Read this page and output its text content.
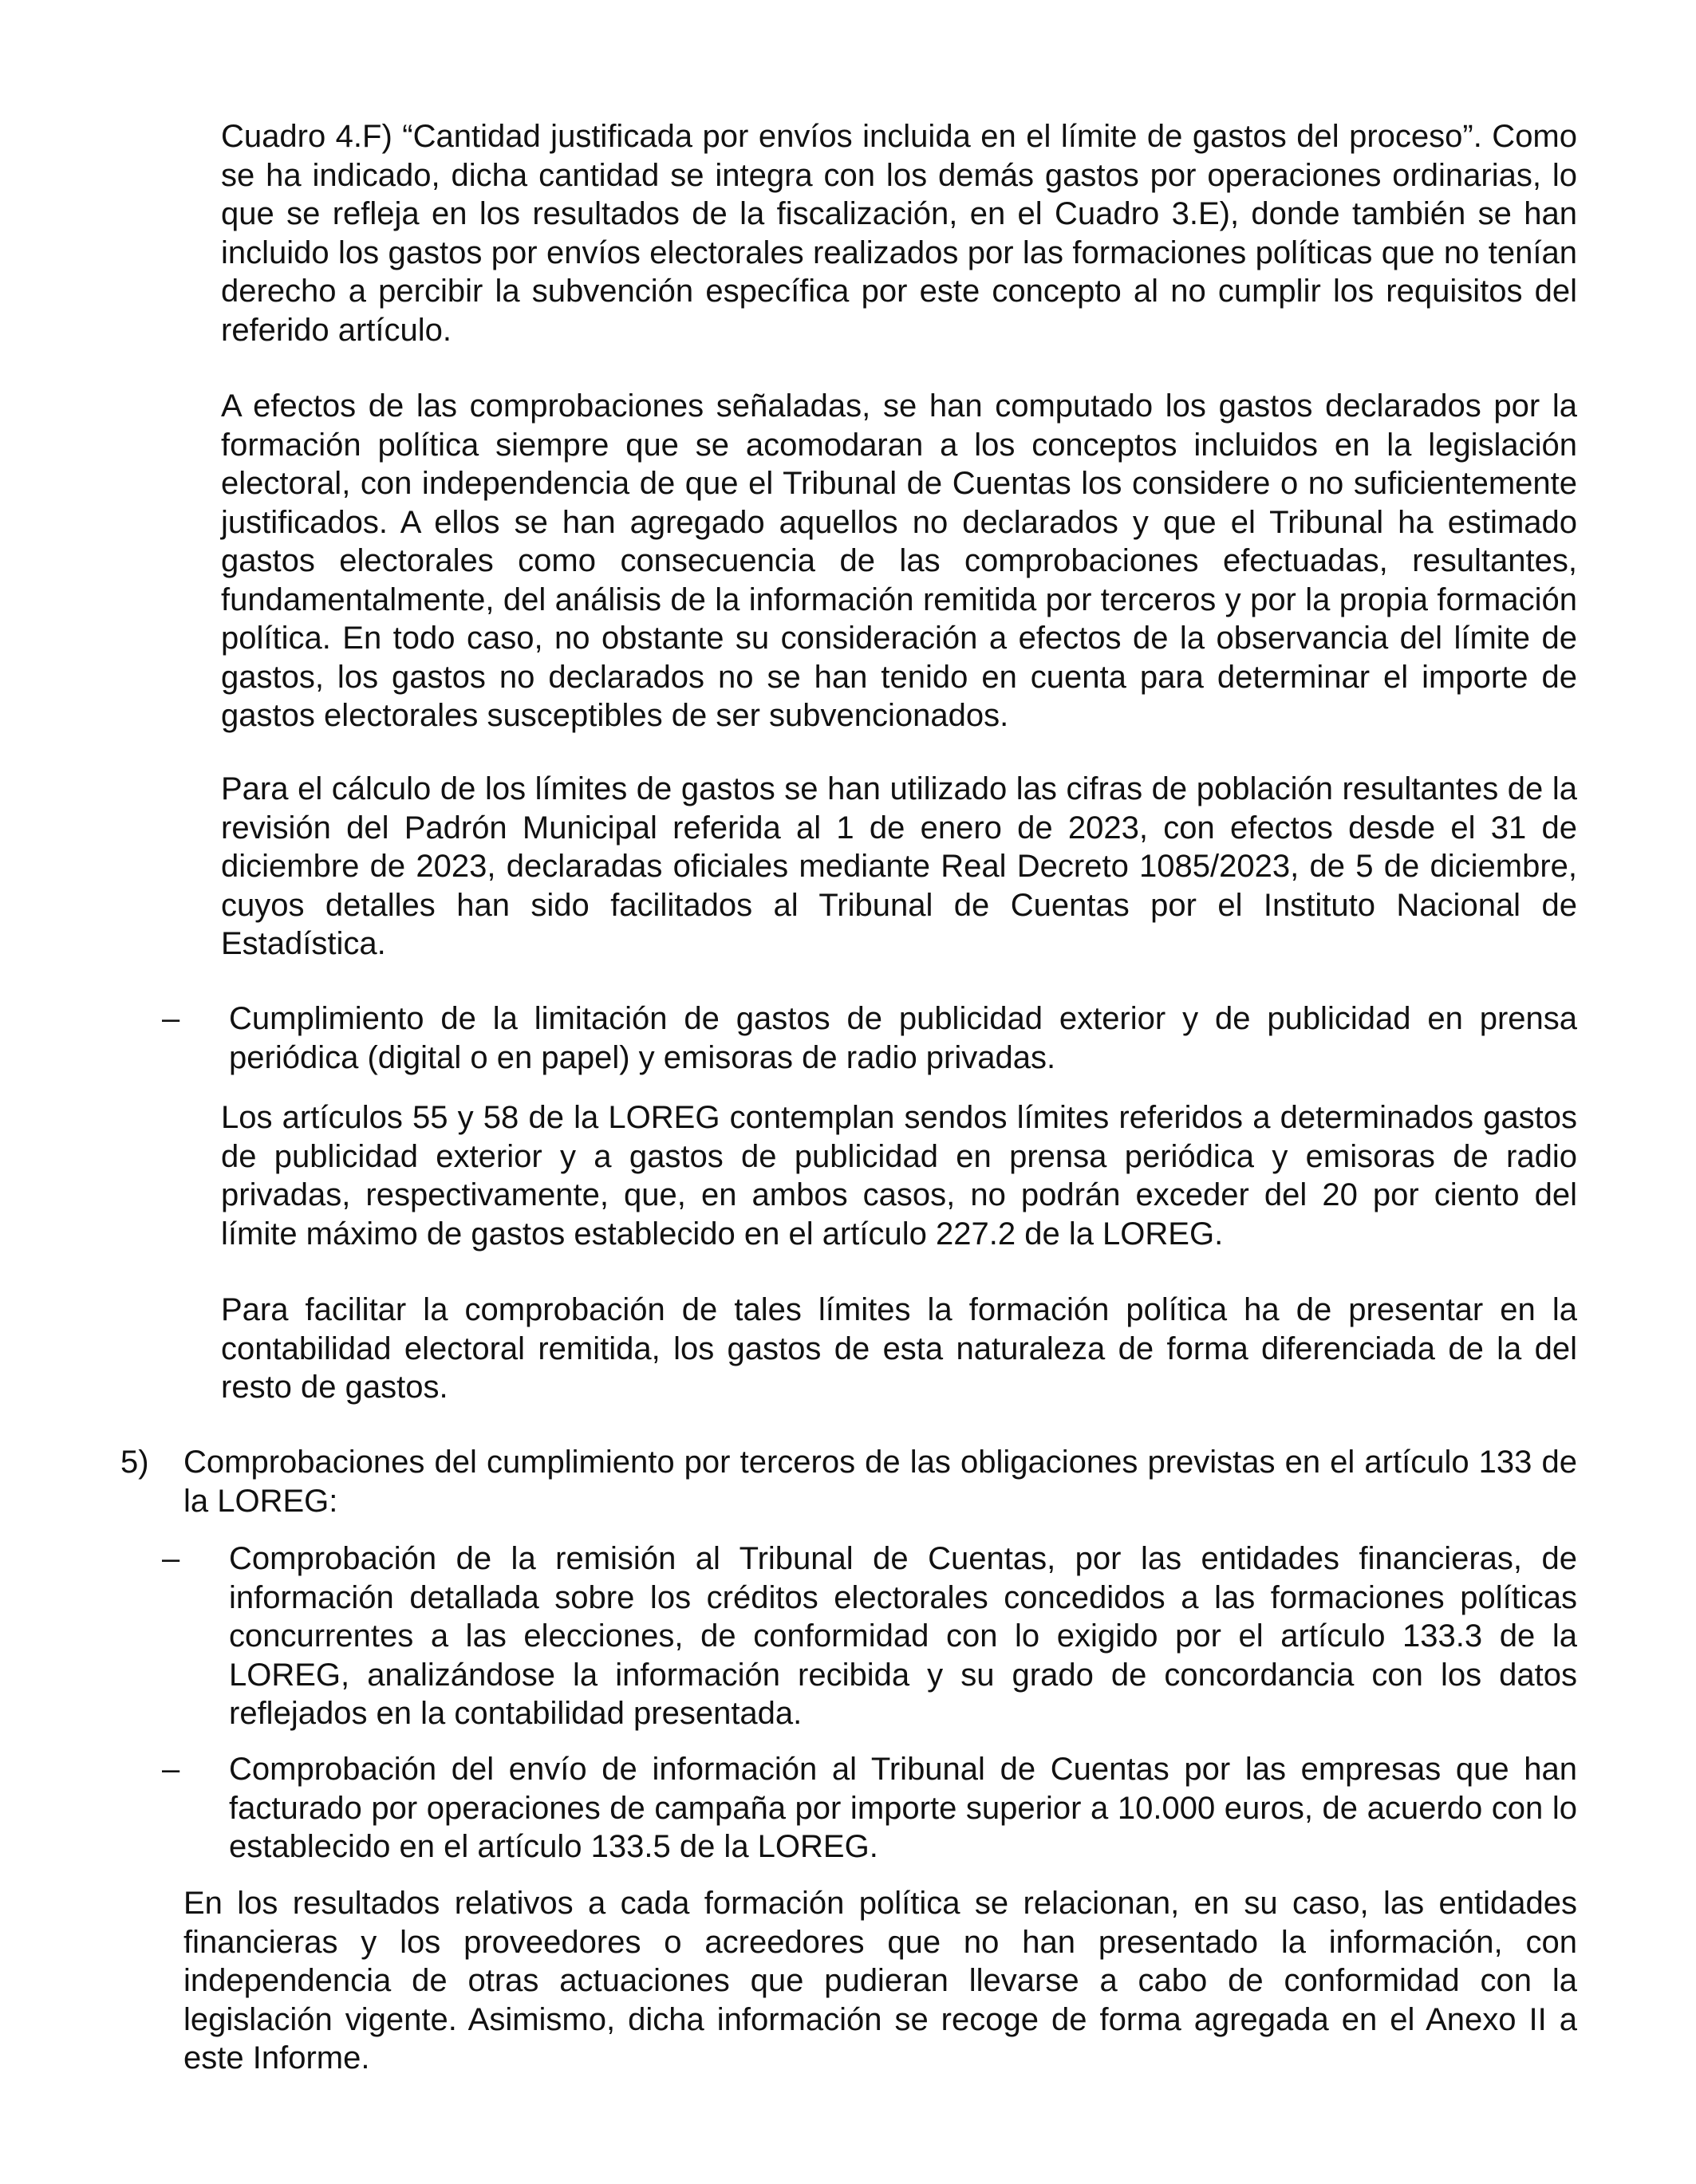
Cuadro 4.F) “Cantidad justificada por envíos incluida en el límite de gastos del proceso”. Como se ha indicado, dicha cantidad se integra con los demás gastos por operaciones ordinarias, lo que se refleja en los resultados de la fiscalización, en el Cuadro 3.E), donde también se han incluido los gastos por envíos electorales realizados por las formaciones políticas que no tenían derecho a percibir la subvención específica por este concepto al no cumplir los requisitos del referido artículo.

A efectos de las comprobaciones señaladas, se han computado los gastos declarados por la formación política siempre que se acomodaran a los conceptos incluidos en la legislación electoral, con independencia de que el Tribunal de Cuentas los considere o no suficientemente justificados. A ellos se han agregado aquellos no declarados y que el Tribunal ha estimado gastos electorales como consecuencia de las comprobaciones efectuadas, resultantes, fundamentalmente, del análisis de la información remitida por terceros y por la propia formación política. En todo caso, no obstante su consideración a efectos de la observancia del límite de gastos, los gastos no declarados no se han tenido en cuenta para determinar el importe de gastos electorales susceptibles de ser subvencionados.

Para el cálculo de los límites de gastos se han utilizado las cifras de población resultantes de la revisión del Padrón Municipal referida al 1 de enero de 2023, con efectos desde el 31 de diciembre de 2023, declaradas oficiales mediante Real Decreto 1085/2023, de 5 de diciembre, cuyos detalles han sido facilitados al Tribunal de Cuentas por el Instituto Nacional de Estadística.

– Cumplimiento de la limitación de gastos de publicidad exterior y de publicidad en prensa periódica (digital o en papel) y emisoras de radio privadas.

Los artículos 55 y 58 de la LOREG contemplan sendos límites referidos a determinados gastos de publicidad exterior y a gastos de publicidad en prensa periódica y emisoras de radio privadas, respectivamente, que, en ambos casos, no podrán exceder del 20 por ciento del límite máximo de gastos establecido en el artículo 227.2 de la LOREG.

Para facilitar la comprobación de tales límites la formación política ha de presentar en la contabilidad electoral remitida, los gastos de esta naturaleza de forma diferenciada de la del resto de gastos.

5) Comprobaciones del cumplimiento por terceros de las obligaciones previstas en el artículo 133 de la LOREG:

– Comprobación de la remisión al Tribunal de Cuentas, por las entidades financieras, de información detallada sobre los créditos electorales concedidos a las formaciones políticas concurrentes a las elecciones, de conformidad con lo exigido por el artículo 133.3 de la LOREG, analizándose la información recibida y su grado de concordancia con los datos reflejados en la contabilidad presentada.

– Comprobación del envío de información al Tribunal de Cuentas por las empresas que han facturado por operaciones de campaña por importe superior a 10.000 euros, de acuerdo con lo establecido en el artículo 133.5 de la LOREG.

En los resultados relativos a cada formación política se relacionan, en su caso, las entidades financieras y los proveedores o acreedores que no han presentado la información, con independencia de otras actuaciones que pudieran llevarse a cabo de conformidad con la legislación vigente. Asimismo, dicha información se recoge de forma agregada en el Anexo II a este Informe.
